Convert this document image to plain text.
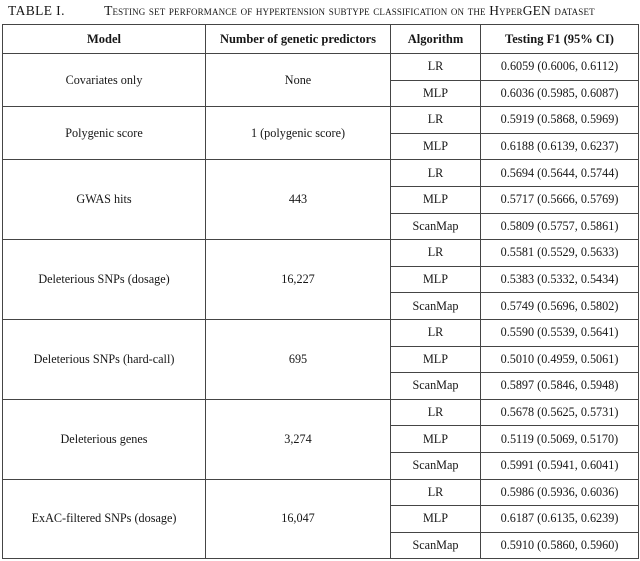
TABLE I.	Testing set performance of hypertension subtype classification on the HyperGEN dataset
Model	Number of genetic predictors	Algorithm	Testing F1 (95% CI)
Covariates only	None	LR	0.6059 (0.6006, 0.6112)
		MLP	0.6036 (0.5985, 0.6087)
Polygenic score	1 (polygenic score)	LR	0.5919 (0.5868, 0.5969)
		MLP	0.6188 (0.6139, 0.6237)
GWAS hits	443	LR	0.5694 (0.5644, 0.5744)
		MLP	0.5717 (0.5666, 0.5769)
		ScanMap	0.5809 (0.5757, 0.5861)
Deleterious SNPs (dosage)	16,227	LR	0.5581 (0.5529, 0.5633)
		MLP	0.5383 (0.5332, 0.5434)
		ScanMap	0.5749 (0.5696, 0.5802)
Deleterious SNPs (hard-call)	695	LR	0.5590 (0.5539, 0.5641)
		MLP	0.5010 (0.4959, 0.5061)
		ScanMap	0.5897 (0.5846, 0.5948)
Deleterious genes	3,274	LR	0.5678 (0.5625, 0.5731)
		MLP	0.5119 (0.5069, 0.5170)
		ScanMap	0.5991 (0.5941, 0.6041)
ExAC-filtered SNPs (dosage)	16,047	LR	0.5986 (0.5936, 0.6036)
		MLP	0.6187 (0.6135, 0.6239)
		ScanMap	0.5910 (0.5860, 0.5960)
